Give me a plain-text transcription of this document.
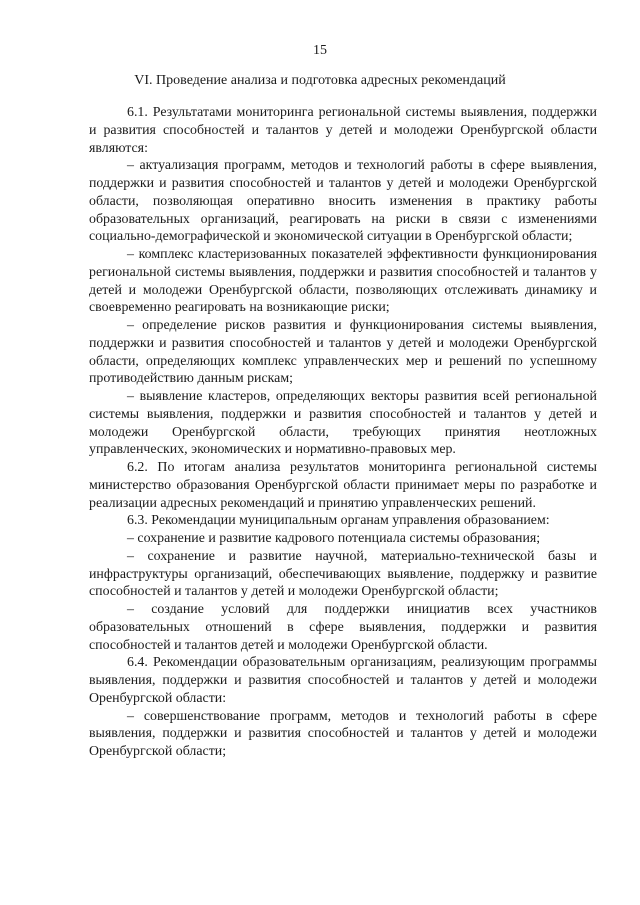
15
VI. Проведение анализа и подготовка адресных рекомендаций

6.1. Результатами мониторинга региональной системы выявления, поддержки и развития способностей и талантов у детей и молодежи Оренбургской области являются:

– актуализация программ, методов и технологий работы в сфере выявления, поддержки и развития способностей и талантов у детей и молодежи Оренбургской области, позволяющая оперативно вносить изменения в практику работы образовательных организаций, реагировать на риски в связи с изменениями социально-демографической и экономической ситуации в Оренбургской области;

– комплекс кластеризованных показателей эффективности функционирования региональной системы выявления, поддержки и развития способностей и талантов у детей и молодежи Оренбургской области, позволяющих отслеживать динамику и своевременно реагировать на возникающие риски;

– определение рисков развития и функционирования системы выявления, поддержки и развития способностей и талантов у детей и молодежи Оренбургской области, определяющих комплекс управленческих мер и решений по успешному противодействию данным рискам;

– выявление кластеров, определяющих векторы развития всей региональной системы выявления, поддержки и развития способностей и талантов у детей и молодежи Оренбургской области, требующих принятия неотложных управленческих, экономических и нормативно-правовых мер.

6.2. По итогам анализа результатов мониторинга региональной системы министерство образования Оренбургской области принимает меры по разработке и реализации адресных рекомендаций и принятию управленческих решений.

6.3. Рекомендации муниципальным органам управления образованием:

– сохранение и развитие кадрового потенциала системы образования;

– сохранение и развитие научной, материально-технической базы и инфраструктуры организаций, обеспечивающих выявление, поддержку и развитие способностей и талантов у детей и молодежи Оренбургской области;

– создание условий для поддержки инициатив всех участников образовательных отношений в сфере выявления, поддержки и развития способностей и талантов детей и молодежи Оренбургской области.

6.4. Рекомендации образовательным организациям, реализующим программы выявления, поддержки и развития способностей и талантов у детей и молодежи Оренбургской области:

– совершенствование программ, методов и технологий работы в сфере выявления, поддержки и развития способностей и талантов у детей и молодежи Оренбургской области;
